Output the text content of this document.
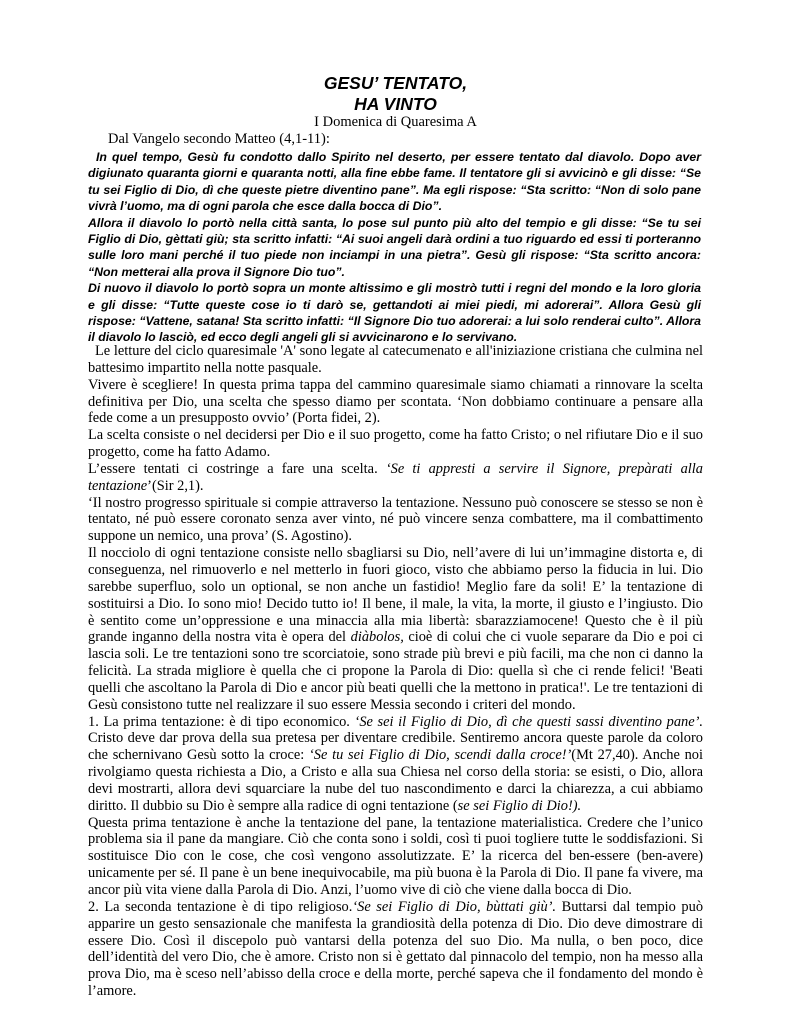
GESU’ TENTATO,
HA VINTO
I Domenica di Quaresima A
Dal Vangelo secondo Matteo (4,1-11):

In quel tempo, Gesù fu condotto dallo Spirito nel deserto, per essere tentato dal diavolo. Dopo aver digiunato quaranta giorni e quaranta notti, alla fine ebbe fame. Il tentatore gli si avvicinò e gli disse: “Se tu sei Figlio di Dio, dì che queste pietre diventino pane”. Ma egli rispose: “Sta scritto: “Non di solo pane vivrà l’uomo, ma di ogni parola che esce dalla bocca di Dio”.

Allora il diavolo lo portò nella città santa, lo pose sul punto più alto del tempio e gli disse: “Se tu sei Figlio di Dio, gèttati giù; sta scritto infatti: “Ai suoi angeli darà ordini a tuo riguardo ed essi ti porteranno sulle loro mani perché il tuo piede non inciampi in una pietra”. Gesù gli rispose: “Sta scritto ancora: “Non metterai alla prova il Signore Dio tuo”.

Di nuovo il diavolo lo portò sopra un monte altissimo e gli mostrò tutti i regni del mondo e la loro gloria e gli disse: “Tutte queste cose io ti darò se, gettandoti ai miei piedi, mi adorerai”. Allora Gesù gli rispose: “Vattene, satana! Sta scritto infatti: “Il Signore Dio tuo adorerai: a lui solo renderai culto”. Allora il diavolo lo lasciò, ed ecco degli angeli gli si avvicinarono e lo servivano.

Le letture del ciclo quaresimale 'A' sono legate al catecumenato e all'iniziazione cristiana che culmina nel battesimo impartito nella notte pasquale.

Vivere è scegliere! In questa prima tappa del cammino quaresimale siamo chiamati a rinnovare la scelta definitiva per Dio, una scelta che spesso diamo per scontata. ‘Non dobbiamo continuare a pensare alla fede come a un presupposto ovvio’ (Porta fidei, 2).

La scelta consiste o nel decidersi per Dio e il suo progetto, come ha fatto Cristo; o nel rifiutare Dio e il suo progetto, come ha fatto Adamo.

L’essere tentati ci costringe a fare una scelta. ‘Se ti appresti a servire il Signore, prepàrati alla tentazione’(Sir 2,1).

‘Il nostro progresso spirituale si compie attraverso la tentazione. Nessuno può conoscere se stesso se non è tentato, né può essere coronato senza aver vinto, né può vincere senza combattere, ma il combattimento suppone un nemico, una prova’ (S. Agostino).

Il nocciolo di ogni tentazione consiste nello sbagliarsi su Dio, nell’avere di lui un’immagine distorta e, di conseguenza, nel rimuoverlo e nel metterlo in fuori gioco, visto che abbiamo perso la fiducia in lui. Dio sarebbe superfluo, solo un optional, se non anche un fastidio! Meglio fare da soli! E’ la tentazione di sostituirsi a Dio. Io sono mio! Decido tutto io! Il bene, il male, la vita, la morte, il giusto e l’ingiusto. Dio è sentito come un’oppressione e una minaccia alla mia libertà: sbarazziamocene! Questo che è il più grande inganno della nostra vita è opera del diàbolos, cioè di colui che ci vuole separare da Dio e poi ci lascia soli. Le tre tentazioni sono tre scorciatoie, sono strade più brevi e più facili, ma che non ci danno la felicità. La strada migliore è quella che ci propone la Parola di Dio: quella sì che ci rende felici! 'Beati quelli che ascoltano la Parola di Dio e ancor più beati quelli che la mettono in pratica!'. Le tre tentazioni di Gesù consistono tutte nel realizzare il suo essere Messia secondo i criteri del mondo.

1. La prima tentazione: è di tipo economico. ‘Se sei il Figlio di Dio, dì che questi sassi diventino pane’. Cristo deve dar prova della sua pretesa per diventare credibile. Sentiremo ancora queste parole da coloro che schernivano Gesù sotto la croce: ‘Se tu sei Figlio di Dio, scendi dalla croce!’(Mt 27,40). Anche noi rivolgiamo questa richiesta a Dio, a Cristo e alla sua Chiesa nel corso della storia: se esisti, o Dio, allora devi mostrarti, allora devi squarciare la nube del tuo nascondimento e darci la chiarezza, a cui abbiamo diritto. Il dubbio su Dio è sempre alla radice di ogni tentazione (se sei Figlio di Dio!).

Questa prima tentazione è anche la tentazione del pane, la tentazione materialistica. Credere che l’unico problema sia il pane da mangiare. Ciò che conta sono i soldi, così ti puoi togliere tutte le soddisfazioni. Si sostituisce Dio con le cose, che così vengono assolutizzate. E’ la ricerca del ben-essere (ben-avere) unicamente per sé. Il pane è un bene inequivocabile, ma più buona è la Parola di Dio. Il pane fa vivere, ma ancor più vita viene dalla Parola di Dio. Anzi, l’uomo vive di ciò che viene dalla bocca di Dio.

2. La seconda tentazione è di tipo religioso.‘Se sei Figlio di Dio, bùttati giù’. Buttarsi dal tempio può apparire un gesto sensazionale che manifesta la grandiosità della potenza di Dio. Dio deve dimostrare di essere Dio. Così il discepolo può vantarsi della potenza del suo Dio. Ma nulla, o ben poco, dice dell’identità del vero Dio, che è amore. Cristo non si è gettato dal pinnacolo del tempio, non ha messo alla prova Dio, ma è sceso nell’abisso della croce e della morte, perché sapeva che il fondamento del mondo è l’amore.
